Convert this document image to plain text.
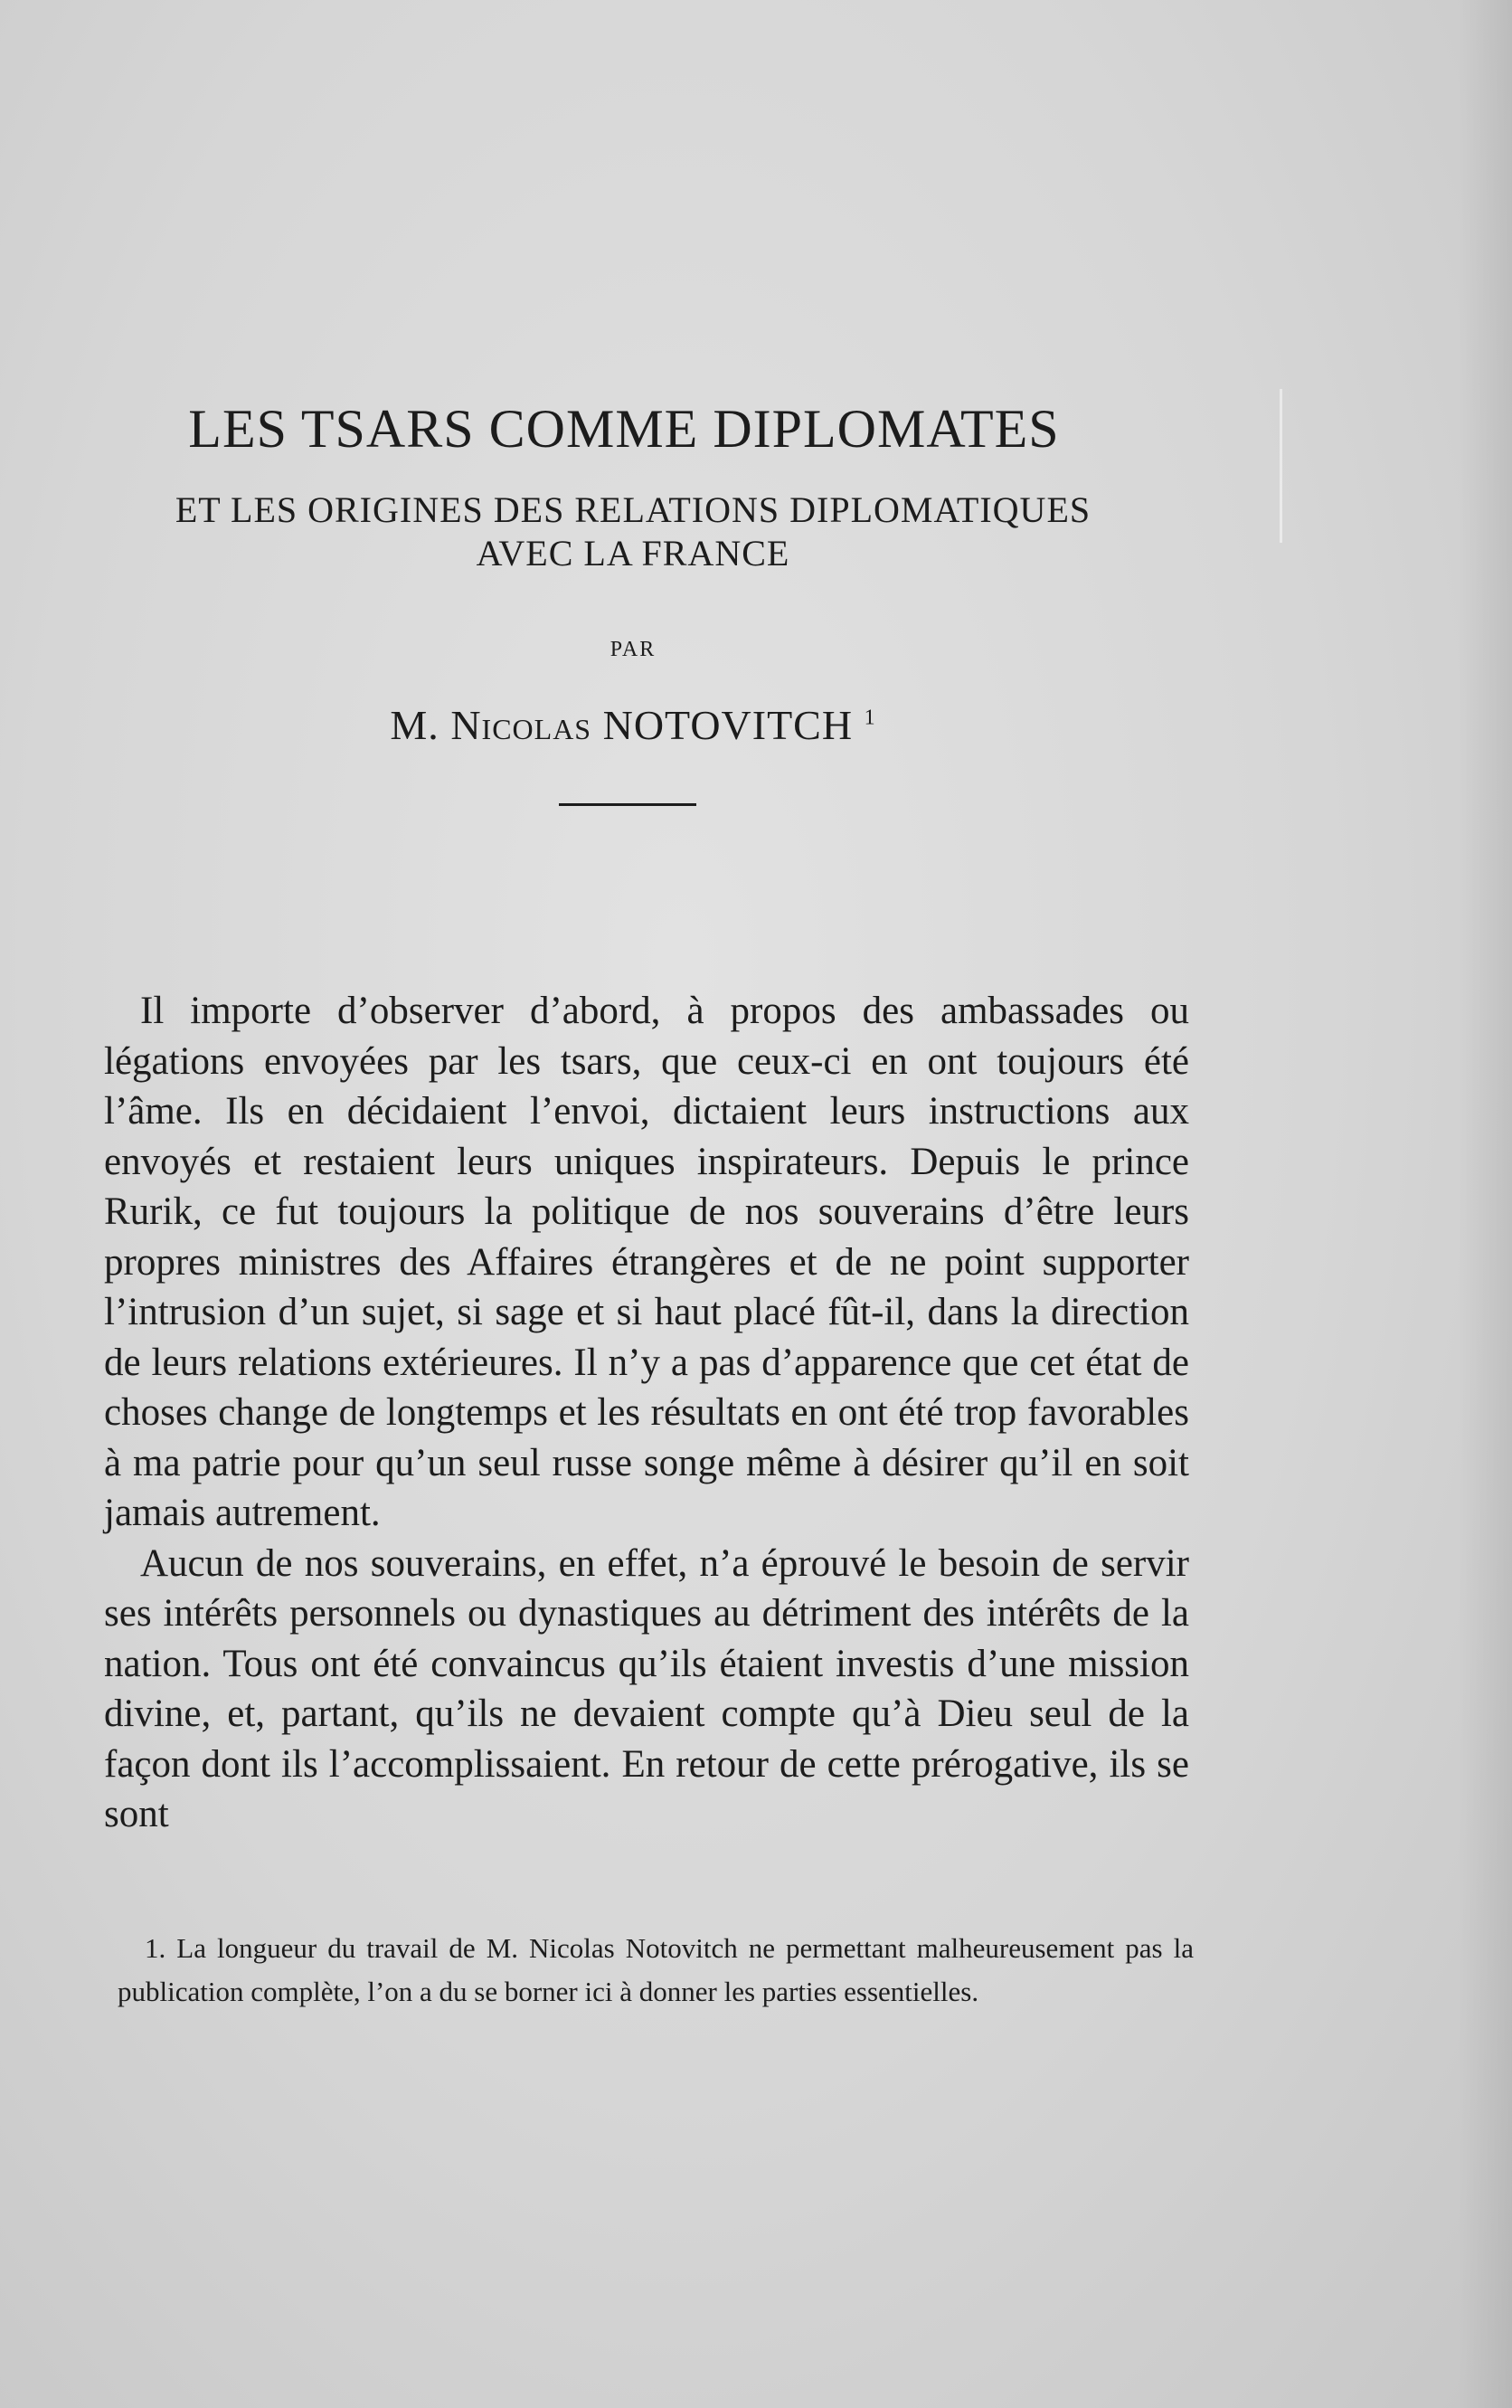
LES TSARS COMME DIPLOMATES
ET LES ORIGINES DES RELATIONS DIPLOMATIQUES
AVEC LA FRANCE
PAR
M. Nicolas NOTOVITCH $^1$

Il importe d’observer d’abord, à propos des ambassades ou légations envoyées par les tsars, que ceux-ci en ont toujours été l’âme. Ils en décidaient l’envoi, dictaient leurs instructions aux envoyés et restaient leurs uniques inspirateurs. Depuis le prince Rurik, ce fut toujours la politique de nos souverains d’être leurs propres ministres des Affaires étrangères et de ne point supporter l’intrusion d’un sujet, si sage et si haut placé fût-il, dans la direction de leurs relations extérieures. Il n’y a pas d’apparence que cet état de choses change de longtemps et les résultats en ont été trop favorables à ma patrie pour qu’un seul russe songe même à désirer qu’il en soit jamais autrement.

Aucun de nos souverains, en effet, n’a éprouvé le besoin de servir ses intérêts personnels ou dynastiques au détriment des intérêts de la nation. Tous ont été convaincus qu’ils étaient investis d’une mission divine, et, partant, qu’ils ne devaient compte qu’à Dieu seul de la façon dont ils l’accomplissaient. En retour de cette prérogative, ils se sont

1. La longueur du travail de M. Nicolas Notovitch ne permettant malheureusement pas la publication complète, l’on a du se borner ici à donner les parties essentielles.
